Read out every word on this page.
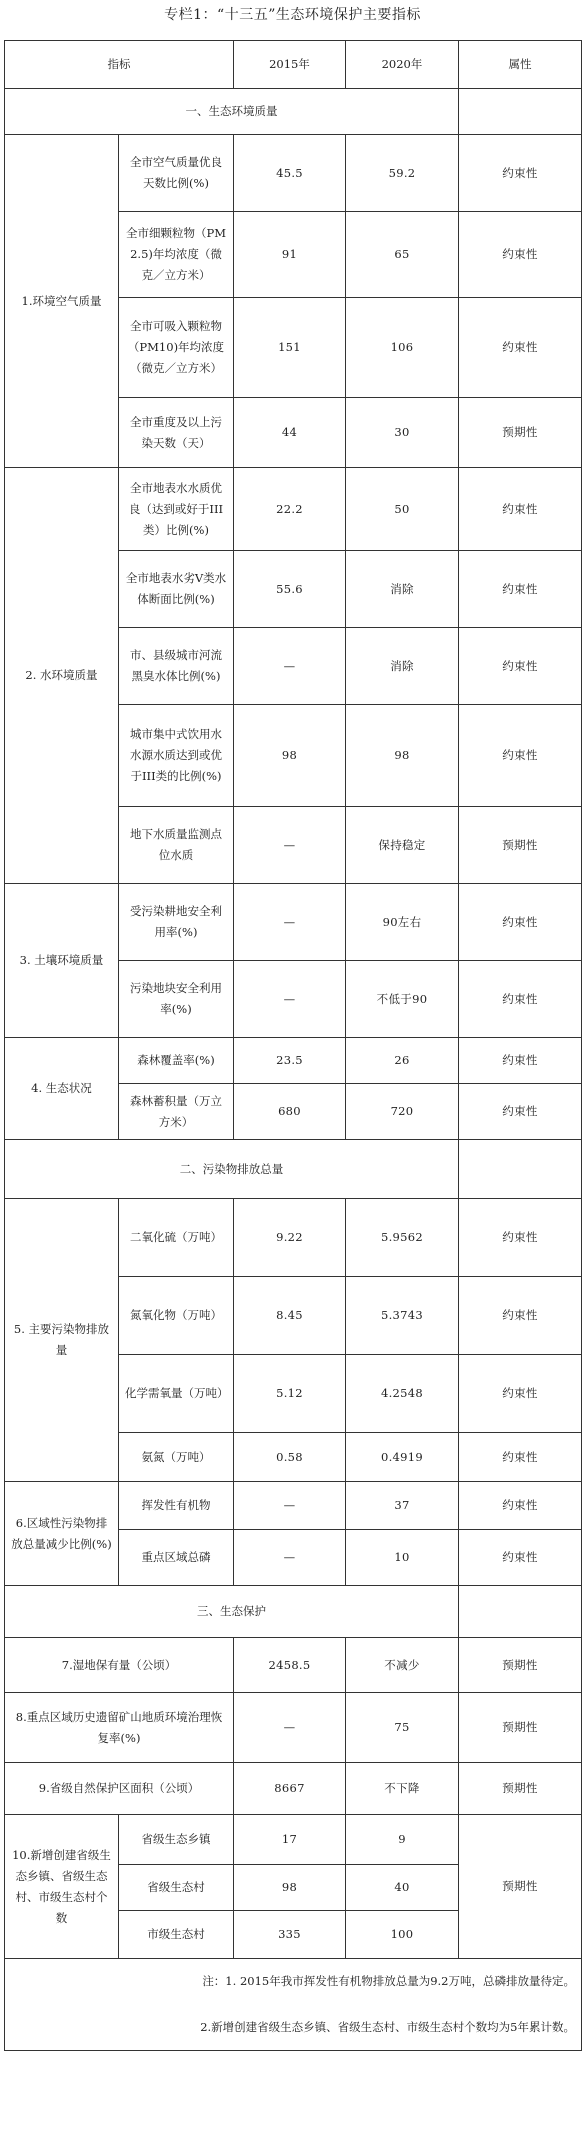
专栏1：“十三五”生态环境保护主要指标
指标		2015年	2020年	属性
一、生态环境质量				
1.环境空气质量	全市空气质量优良天数比例(%)	45.5	59.2	约束性
	全市细颗粒物（PM2.5)年均浓度（微克／立方米）	91	65	约束性
	全市可吸入颗粒物（PM10)年均浓度（微克／立方米）	151	106	约束性
	全市重度及以上污染天数（天）	44	30	预期性
2. 水环境质量	全市地表水水质优良（达到或好于III类）比例(%)	22.2	50	约束性
	全市地表水劣V类水体断面比例(%)	55.6	消除	约束性
	市、县级城市河流黑臭水体比例(%)	—	消除	约束性
	城市集中式饮用水水源水质达到或优于III类的比例(%)	98	98	约束性
	地下水质量监测点位水质	—	保持稳定	预期性
3. 土壤环境质量	受污染耕地安全利用率(%)	—	90左右	约束性
	污染地块安全利用率(%)	—	不低于90	约束性
4. 生态状况	森林覆盖率(%)	23.5	26	约束性
	森林蓄积量（万立方米）	680	720	约束性
二、污染物排放总量				
5. 主要污染物排放量	二氧化硫（万吨）	9.22	5.9562	约束性
	氮氧化物（万吨）	8.45	5.3743	约束性
	化学需氧量（万吨）	5.12	4.2548	约束性
	氨氮（万吨）	0.58	0.4919	约束性
6.区域性污染物排放总量减少比例(%)	挥发性有机物	—	37	约束性
	重点区域总磷	—	10	约束性
三、生态保护				
7.湿地保有量（公顷）		2458.5	不减少	预期性
8.重点区域历史遗留矿山地质环境治理恢复率(%)		—	75	预期性
9.省级自然保护区面积（公顷）		8667	不下降	预期性
10.新增创建省级生态乡镇、省级生态村、市级生态村个数	省级生态乡镇	17	9	预期性
	省级生态村	98	40	
	市级生态村	335	100	
注：1. 2015年我市挥发性有机物排放总量为9.2万吨，总磷排放量待定。				
2.新增创建省级生态乡镇、省级生态村、市级生态村个数均为5年累计数。				
